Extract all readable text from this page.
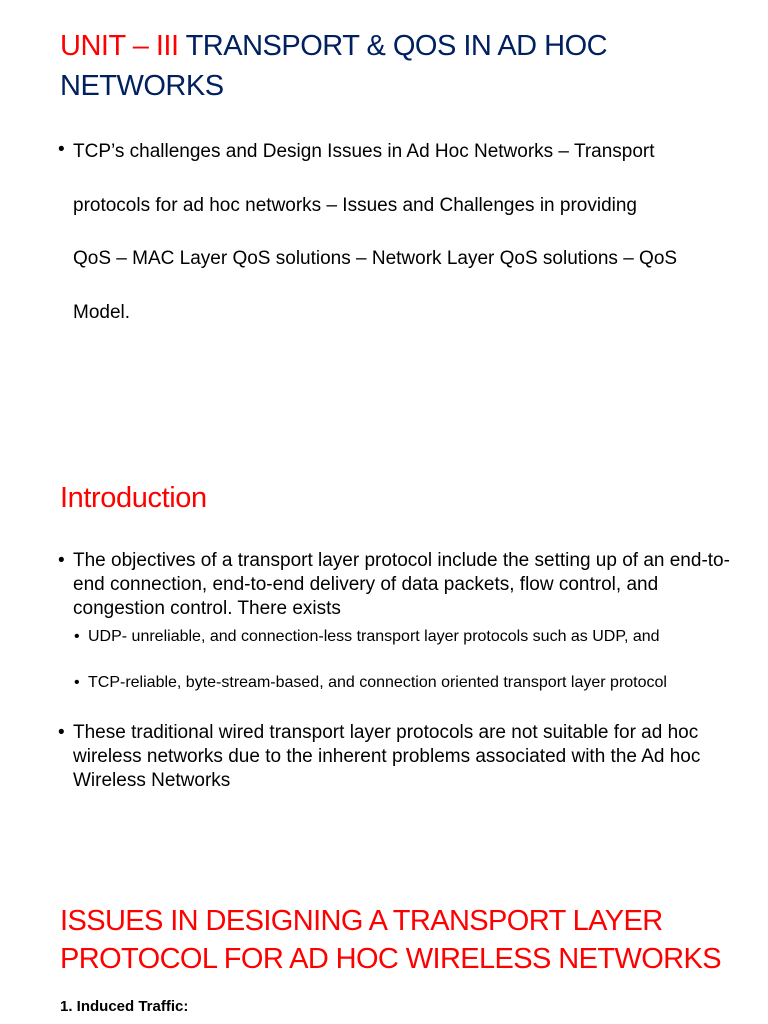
UNIT – III TRANSPORT & QOS IN AD HOC NETWORKS
• TCP’s challenges and Design Issues in Ad Hoc Networks – Transport
protocols for ad hoc networks – Issues and Challenges in providing
QoS – MAC Layer QoS solutions – Network Layer QoS solutions – QoS
Model.
Introduction
• The objectives of a transport layer protocol include the setting up of an end-to-end connection, end-to-end delivery of data packets, flow control, and congestion control. There exists
• UDP- unreliable, and connection-less transport layer protocols such as UDP, and
• TCP-reliable, byte-stream-based, and connection oriented transport layer protocol
• These traditional wired transport layer protocols are not suitable for ad hoc wireless networks due to the inherent problems associated with the Ad hoc Wireless Networks
ISSUES IN DESIGNING A TRANSPORT LAYER PROTOCOL FOR AD HOC WIRELESS NETWORKS
1. Induced Traffic:
